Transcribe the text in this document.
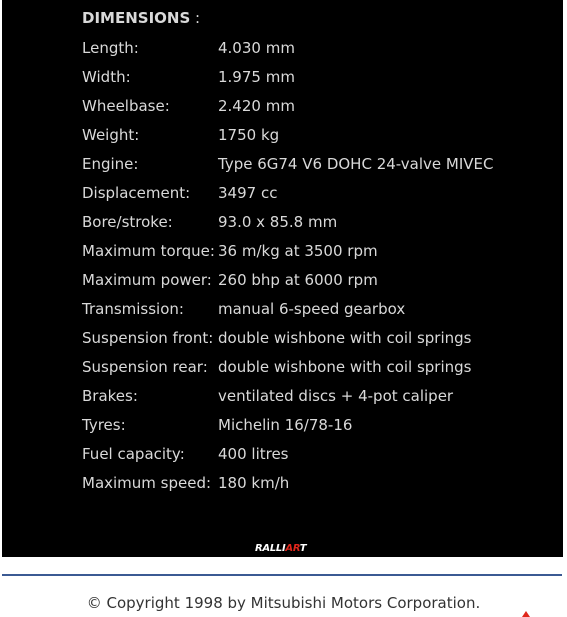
DIMENSIONS :
Length:	4.030 mm
Width:	1.975 mm
Wheelbase:	2.420 mm
Weight:	1750 kg
Engine:	Type 6G74 V6 DOHC 24-valve MIVEC
Displacement:	3497 cc
Bore/stroke:	93.0 x 85.8 mm
Maximum torque: 36 m/kg at 3500 rpm
Maximum power: 260 bhp at 6000 rpm
Transmission:	manual 6-speed gearbox
Suspension front: double wishbone with coil springs
Suspension rear: double wishbone with coil springs
Brakes:	ventilated discs + 4-pot caliper
Tyres:	Michelin 16/78-16
Fuel capacity:	400 litres
Maximum speed: 180 km/h
RALLIART
© Copyright 1998 by Mitsubishi Motors Corporation.
